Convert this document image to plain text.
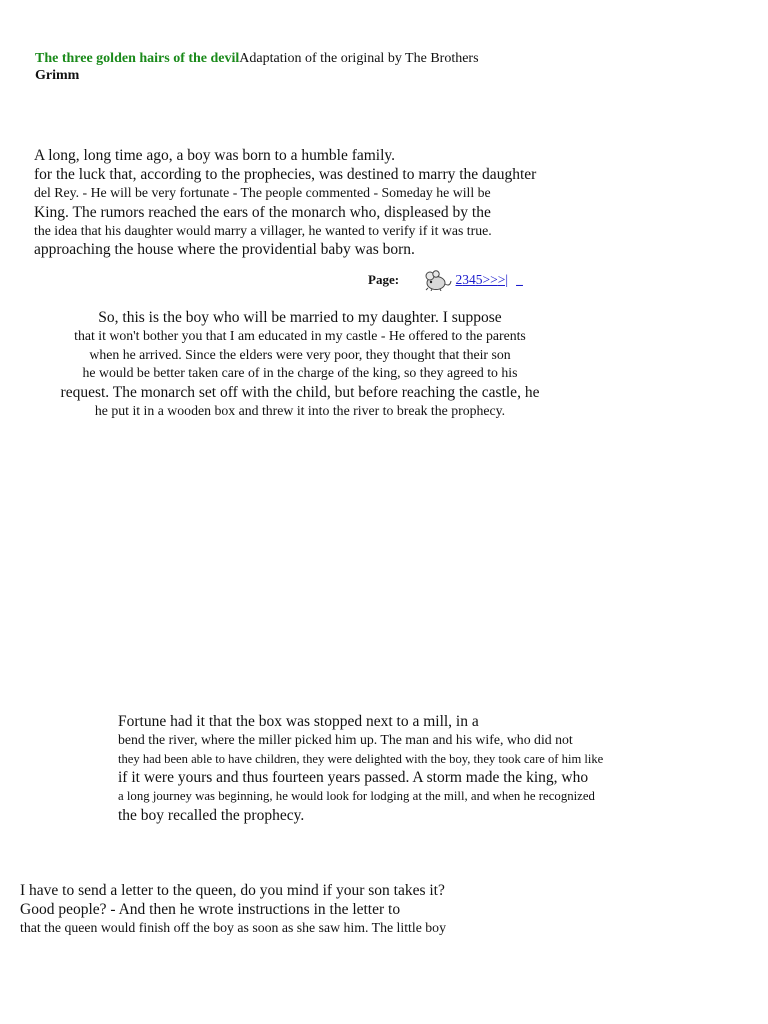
The three golden hairs of the devilAdaptation of the original by The Brothers
Grimm

A long, long time ago, a boy was born to a humble family.

for the luck that, according to the prophecies, was destined to marry the daughter

del Rey. - He will be very fortunate - The people commented - Someday he will be

King. The rumors reached the ears of the monarch who, displeased by the

the idea that his daughter would marry a villager, he wanted to verify if it was true.

approaching the house where the providential baby was born.

Page:	2345>>>| _

So, this is the boy who will be married to my daughter. I suppose

that it won't bother you that I am educated in my castle - He offered to the parents

when he arrived. Since the elders were very poor, they thought that their son

he would be better taken care of in the charge of the king, so they agreed to his

request. The monarch set off with the child, but before reaching the castle, he

he put it in a wooden box and threw it into the river to break the prophecy.

Fortune had it that the box was stopped next to a mill, in a

bend the river, where the miller picked him up. The man and his wife, who did not

they had been able to have children, they were delighted with the boy, they took care of him like

if it were yours and thus fourteen years passed. A storm made the king, who

a long journey was beginning, he would look for lodging at the mill, and when he recognized

the boy recalled the prophecy.

I have to send a letter to the queen, do you mind if your son takes it?

Good people? - And then he wrote instructions in the letter to

that the queen would finish off the boy as soon as she saw him. The little boy
